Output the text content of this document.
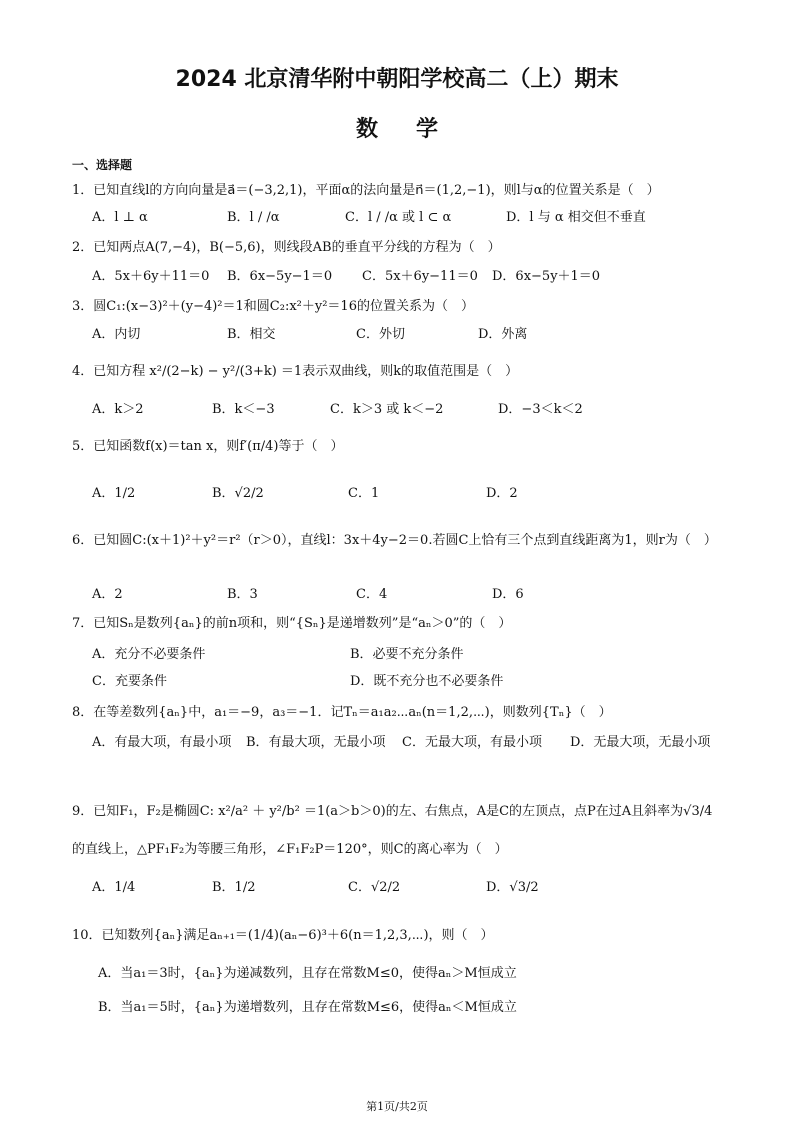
2024 北京清华附中朝阳学校高二（上）期末
数学
一、选择题
1．已知直线l的方向向量是a⃗＝(−3,2,1)，平面α的法向量是n⃗＝(1,2,−1)，则l与α的位置关系是（　）
A．l ⊥ α	B．l / /α	C．l / /α 或 l ⊂ α	D．l 与 α 相交但不垂直
2．已知两点A(7,−4)，B(−5,6)，则线段AB的垂直平分线的方程为（　）
A．5x＋6y＋11＝0 B．6x−5y−1＝0 C．5x＋6y−11＝0 D．6x−5y＋1＝0
3．圆C₁:(x−3)²＋(y−4)²＝1和圆C₂:x²＋y²＝16的位置关系为（　）
A．内切	B．相交	C．外切	D．外离
4．已知方程 x²/(2−k) − y²/(3+k) ＝1表示双曲线，则k的取值范围是（　）
A．k＞2	B．k＜−3	C．k＞3 或 k＜−2	D．−3＜k＜2
5．已知函数f(x)＝tan x，则f′(π/4)等于（　）
A．1/2	B．√2/2	C．1	D．2
6．已知圆C:(x＋1)²＋y²＝r²（r＞0），直线l：3x＋4y−2＝0.若圆C上恰有三个点到直线距离为1，则r为（　）
A．2	B．3	C．4	D．6
7．已知Sₙ是数列{aₙ}的前n项和，则“{Sₙ}是递增数列”是“aₙ＞0”的（　）
A．充分不必要条件	B．必要不充分条件
C．充要条件	D．既不充分也不必要条件
8．在等差数列{aₙ}中，a₁＝−9，a₃＝−1．记Tₙ＝a₁a₂⋯aₙ(n＝1,2,⋯)，则数列{Tₙ}（　）
A．有最大项，有最小项 B．有最大项，无最小项 C．无最大项，有最小项 D．无最大项，无最小项
9．已知F₁，F₂是椭圆C: x²/a² ＋ y²/b² ＝1(a＞b＞0)的左、右焦点，A是C的左顶点，点P在过A且斜率为√3/4的直线上，△PF₁F₂为等腰三角形，∠F₁F₂P＝120°，则C的离心率为（　）
A．1/4	B．1/2	C．√2/2	D．√3/2
10．已知数列{aₙ}满足aₙ₊₁＝(1/4)(aₙ−6)³＋6(n＝1,2,3,⋯)，则（　）
A．当a₁＝3时，{aₙ}为递减数列，且存在常数M≤0，使得aₙ＞M恒成立
B．当a₁＝5时，{aₙ}为递增数列，且存在常数M≤6，使得aₙ＜M恒成立
第1页/共2页
